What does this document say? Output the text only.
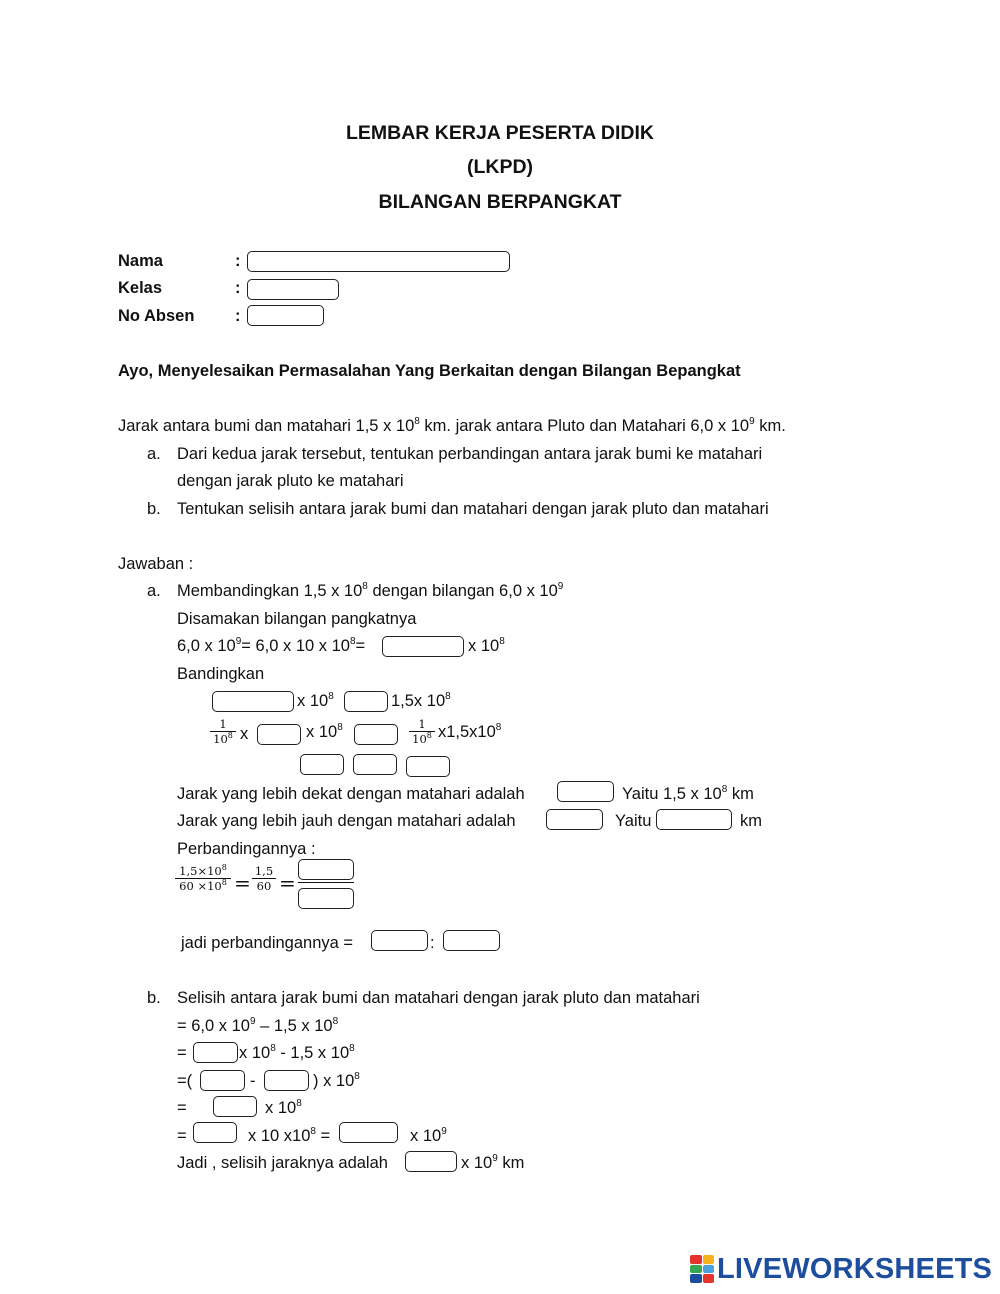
LEMBAR KERJA PESERTA DIDIK
(LKPD)
BILANGAN BERPANGKAT
Nama	:
Kelas	:
No Absen :
Ayo, Menyelesaikan Permasalahan Yang Berkaitan dengan Bilangan Bepangkat
Jarak antara bumi dan matahari 1,5 x $10^8$ km. jarak antara Pluto dan Matahari 6,0 x $10^9$ km.
a. Dari kedua jarak tersebut, tentukan perbandingan antara jarak bumi ke matahari
dengan jarak pluto ke matahari
b. Tentukan selisih antara jarak bumi dan matahari dengan jarak pluto dan matahari
Jawaban :
a. Membandingkan 1,5 x $10^8$ dengan bilangan 6,0 x $10^9$
Disamakan bilangan pangkatnya
6,0 x $10^9= 6,0$ x 10 x $10^8=$	x $10^8$
Bandingkan
x $10^8$	1,5x $10^8$
$\frac{1}{10^8}$ x	x $10^8$	$\frac{1}{10^8} x1,5x10^8$
Jarak yang lebih dekat dengan matahari adalah	Yaitu 1,5 x $10^8$ km
Jarak yang lebih jauh dengan matahari adalah	Yaitu	km
Perbandingannya :
$\frac{1,5\times 10^8}{60 \times 10^8} = \frac{1,5}{60}$ =
jadi perbandingannya =	:
b. Selisih antara jarak bumi dan matahari dengan jarak pluto dan matahari
= 6,0 x $10^9 - 1,5$ x $10^8$
=	x $10^8 - 1,5$ x $10^8$
=(	-	) x $10^8$
=	x $10^8$
=	x 10 $x10^8$ =	x $10^9$
Jadi , selisih jaraknya adalah	x $10^9$ km
LIVEWORKSHEETS
